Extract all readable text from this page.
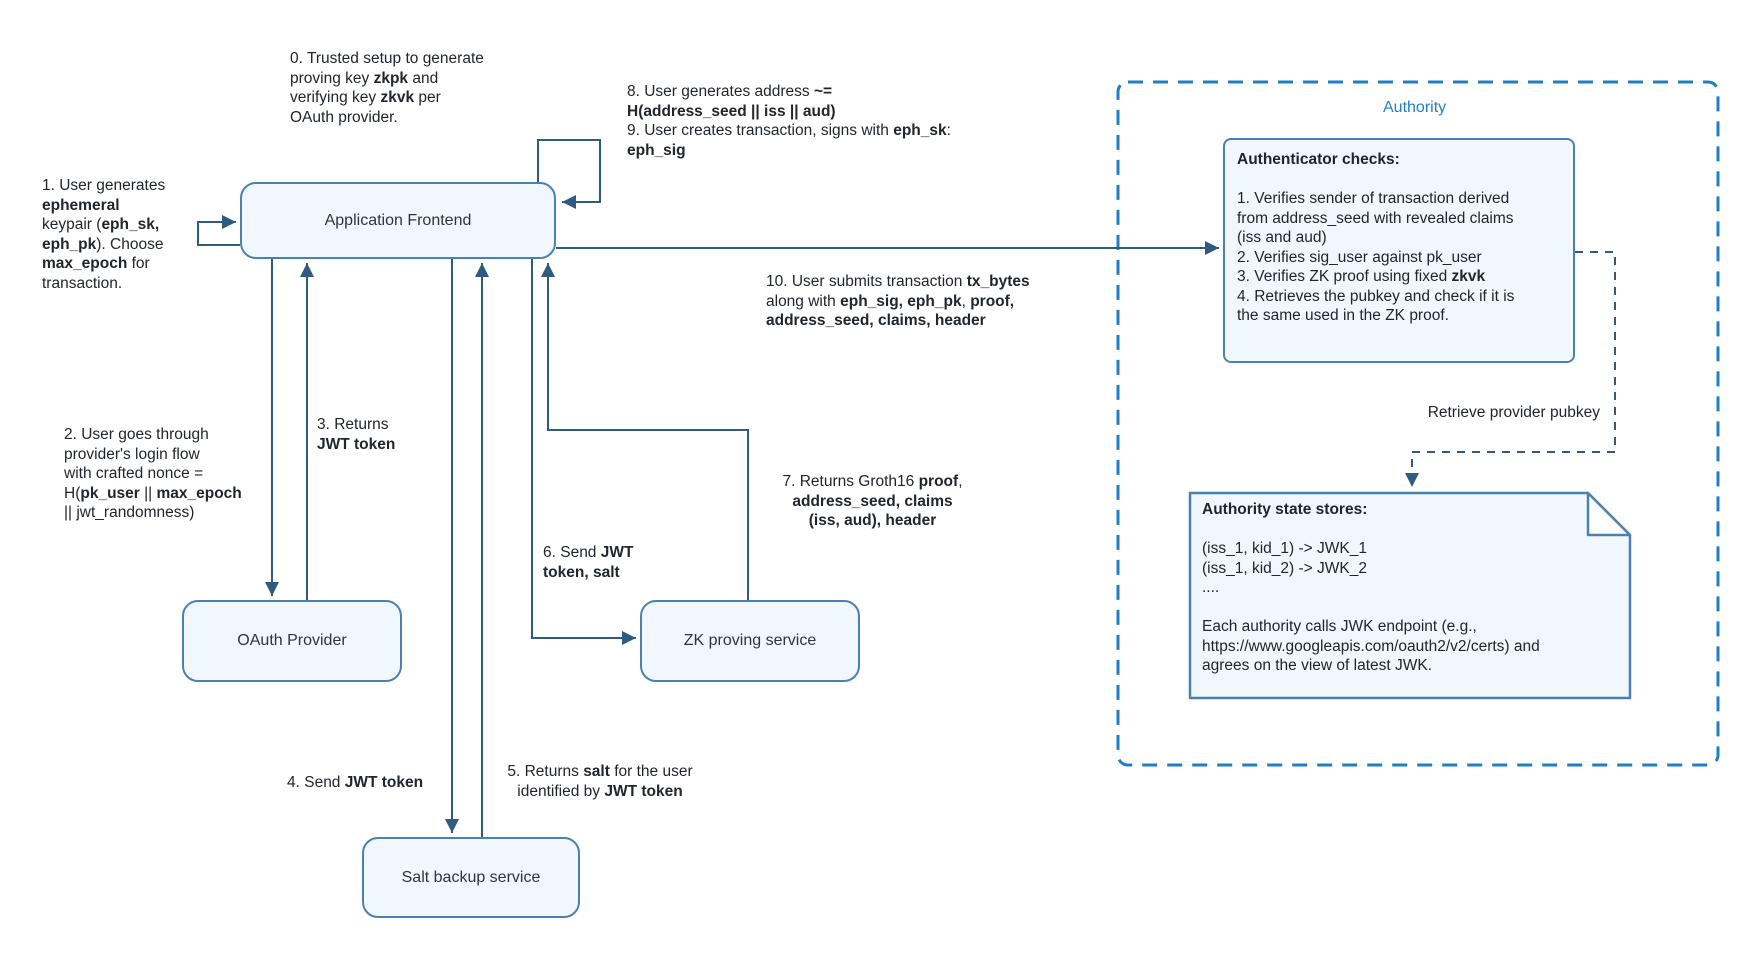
Application Frontend
OAuth Provider	ZK proving service
Salt backup service
Authority
Authenticator checks:

1. Verifies sender of transaction derived
from address_seed with revealed claims
(iss and aud)
2. Verifies sig_user against pk_user
3. Verifies ZK proof using fixed zkvk
4. Retrieves the pubkey and check if it is
the same used in the ZK proof.
Authority state stores:

(iss_1, kid_1) -> JWK_1
(iss_1, kid_2) -> JWK_2
....

Each authority calls JWK endpoint (e.g.,
https://www.googleapis.com/oauth2/v2/certs) and
agrees on the view of latest JWK.
Retrieve provider pubkey
0. Trusted setup to generate
proving key zkpk and
verifying key zkvk per
OAuth provider.
1. User generates
ephemeral
keypair (eph_sk,
eph_pk). Choose
max_epoch for
transaction.
2. User goes through
provider's login flow
with crafted nonce =
H(pk_user || max_epoch
|| jwt_randomness)
3. Returns
JWT token
4. Send JWT token
5. Returns salt for the user
identified by JWT token
6. Send JWT
token, salt
7. Returns Groth16 proof,
address_seed, claims
(iss, aud), header
8. User generates address ~=
H(address_seed || iss || aud)
9. User creates transaction, signs with eph_sk:
eph_sig
10. User submits transaction tx_bytes
along with eph_sig, eph_pk, proof,
address_seed, claims, header
